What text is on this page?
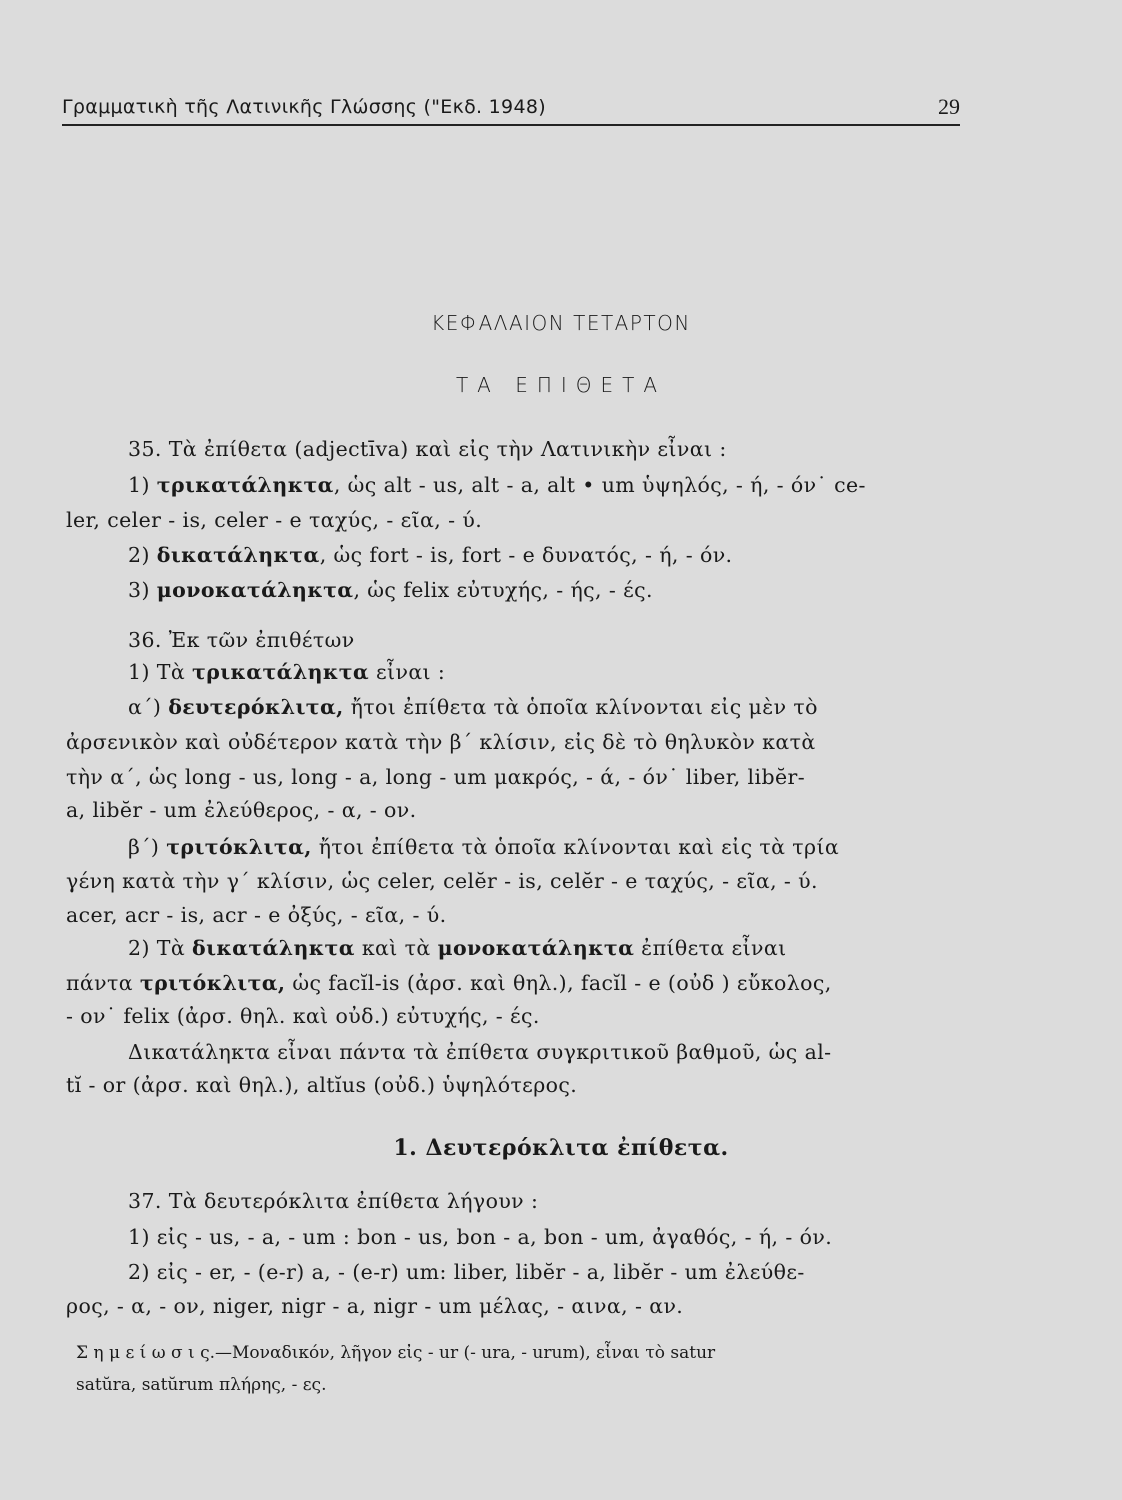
Γραμματικὴ τῆς Λατινικῆς Γλώσσης ("Εκδ. 1948)	29
ΚΕΦΑΛΑΙΟΝ ΤΕΤΑΡΤΟΝ
ΤΑ ΕΠΙΘΕΤΑ
35. Τὰ ἐπίθετα (adjectīva) καὶ εἰς τὴν Λατινικὴν εἶναι :
1) τρικατάληκτα, ὡς alt - us, alt - a, alt • um ὑψηλός, - ή, - όν˙ ce-
ler, celer - is, celer - e ταχύς, - εῖα, - ύ.
2) δικατάληκτα, ὡς fort - is, fort - e δυνατός, - ή, - όν.
3) μονοκατάληκτα, ὡς felix εὐτυχής, - ής, - ές.
36. Ἐκ τῶν ἐπιθέτων
1) Τὰ τρικατάληκτα εἶναι :
α΄) δευτερόκλιτα, ἤτοι ἐπίθετα τὰ ὁποῖα κλίνονται εἰς μὲν τὸ
ἀρσενικὸν καὶ οὐδέτερον κατὰ τὴν β΄ κλίσιν, εἰς δὲ τὸ θηλυκὸν κατὰ
τὴν α΄, ὡς long - us, long - a, long - um μακρός, - ά, - όν˙ liber, libĕr-
a, libĕr - um ἐλεύθερος, - α, - ον.
β΄) τριτόκλιτα, ἤτοι ἐπίθετα τὰ ὁποῖα κλίνονται καὶ εἰς τὰ τρία
γένη κατὰ τὴν γ΄ κλίσιν, ὡς celer, celĕr - is, celĕr - e ταχύς, - εῖα, - ύ.
acer, acr - is, acr - e ὀξύς, - εῖα, - ύ.
2) Τὰ δικατάληκτα καὶ τὰ μονοκατάληκτα ἐπίθετα εἶναι
πάντα τριτόκλιτα, ὡς facĭl-is (ἀρσ. καὶ θηλ.), facĭl - e (οὐδ ) εὔκολος,
- ον˙ felix (ἀρσ. θηλ. καὶ οὐδ.) εὐτυχής, - ές.
Δικατάληκτα εἶναι πάντα τὰ ἐπίθετα συγκριτικοῦ βαθμοῦ, ὡς al-
tĭ - or (ἀρσ. καὶ θηλ.), altĭus (οὐδ.) ὑψηλότερος.
1. Δευτερόκλιτα ἐπίθετα.
37. Τὰ δευτερόκλιτα ἐπίθετα λήγουν :
1) εἰς - us, - a, - um : bon - us, bon - a, bon - um, ἀγαθός, - ή, - όν.
2) εἰς - er, - (e-r) a, - (e-r) um: liber, libĕr - a, libĕr - um ἐλεύθε-
ρος, - α, - ον, niger, nigr - a, nigr - um μέλας, - αινα, - αν.
Σ η μ ε ί ω σ ι ς.—Μοναδικόν, λῆγον εἰς - ur (- ura, - urum), εἶναι τὸ satur
satŭra, satŭrum πλήρης, - ες.
